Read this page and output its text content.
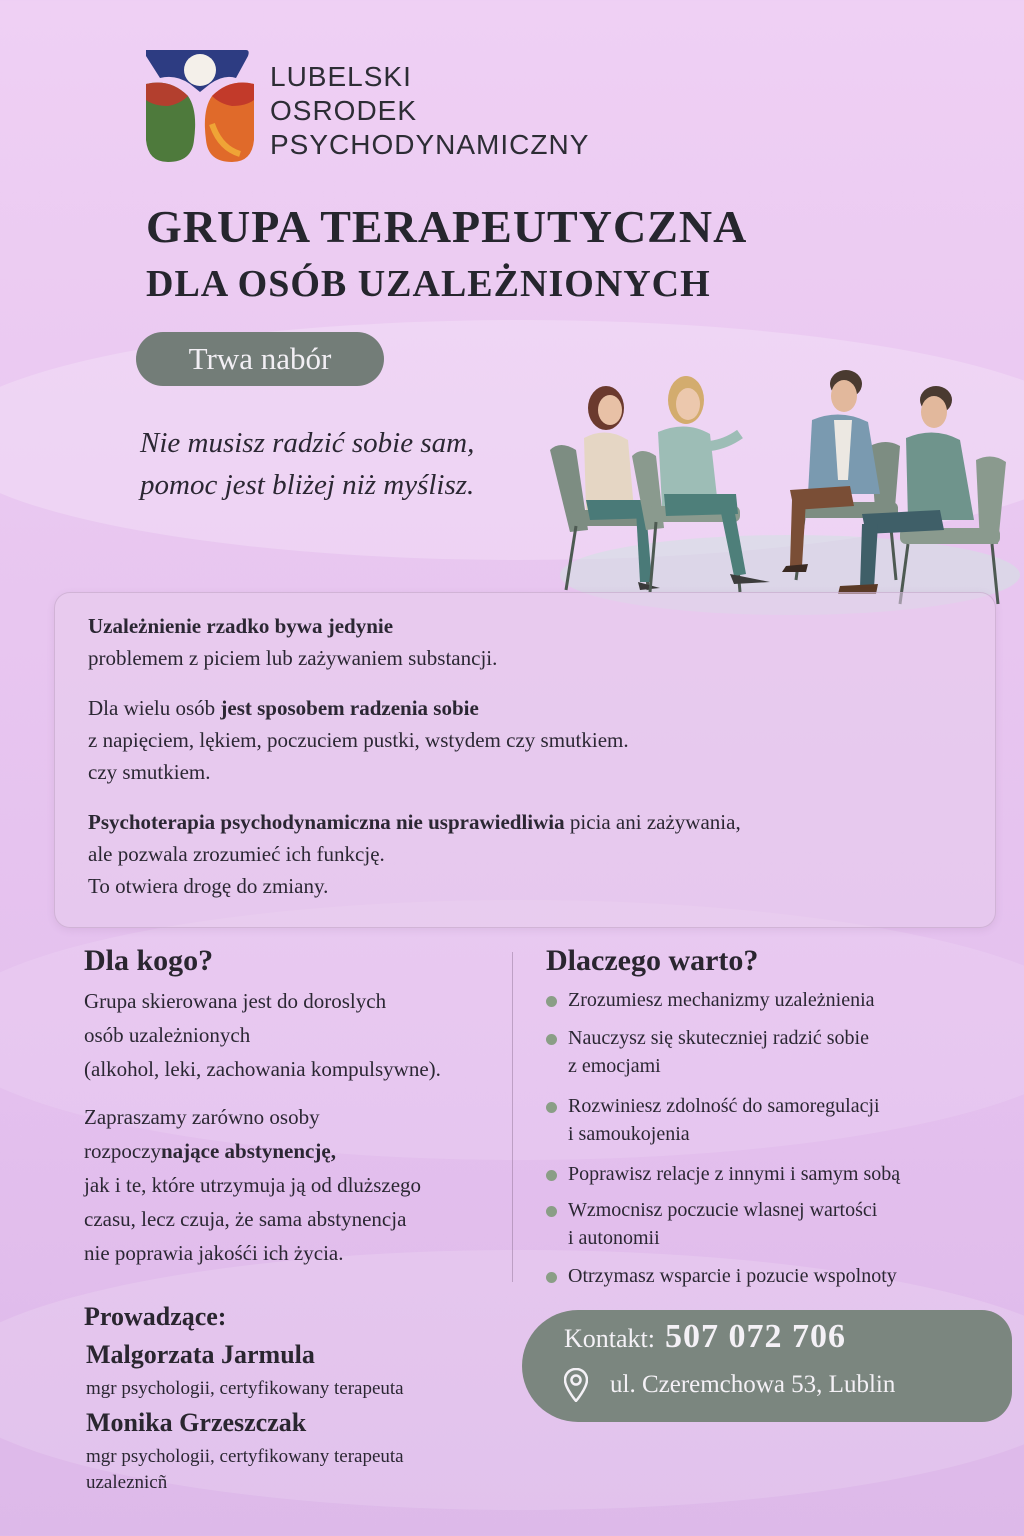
LUBELSKI
OSRODEK
PSYCHODYNAMICZNY
GRUPA TERAPEUTYCZNA
DLA OSÓB UZALEŻNIONYCH
Trwa nabór
Nie musisz radzić sobie sam,
pomoc jest bliżej niż myślisz.
Uzależnienie rzadko bywa jedynie
problemem z piciem lub zażywaniem substancji.
Dla wielu osób jest sposobem radzenia sobie
z napięciem, lękiem, poczuciem pustki, wstydem czy smutkiem.
czy smutkiem.
Psychoterapia psychodynamiczna nie usprawiedliwia picia ani zażywania,
ale pozwala zrozumieć ich funkcję.
To otwiera drogę do zmiany.
Dla kogo?
Grupa skierowana jest do doroslych
osób uzależnionych
(alkohol, leki, zachowania kompulsywne).
Zapraszamy zarówno osoby
rozpoczynające abstynencję,
jak i te, które utrzymuja ją od dluższego
czasu, lecz czuja, że sama abstynencja
nie poprawia jakośći ich życia.
Dlaczego warto?
Zrozumiesz mechanizmy uzależnienia
Nauczysz się skuteczniej radzić sobie
z emocjami
Rozwiniesz zdolność do samoregulacji
i samoukojenia
Poprawisz relacje z innymi i samym sobą
Wzmocnisz poczucie wlasnej wartości
i autonomii
Otrzymasz wsparcie i pozucie wspolnoty
Prowadzące:
Malgorzata Jarmula
mgr psychologii, certyfikowany terapeuta
Monika Grzeszczak
mgr psychologii, certyfikowany terapeuta
uzaleznicñ
Kontakt: 507 072 706
ul. Czeremchowa 53, Lublin
